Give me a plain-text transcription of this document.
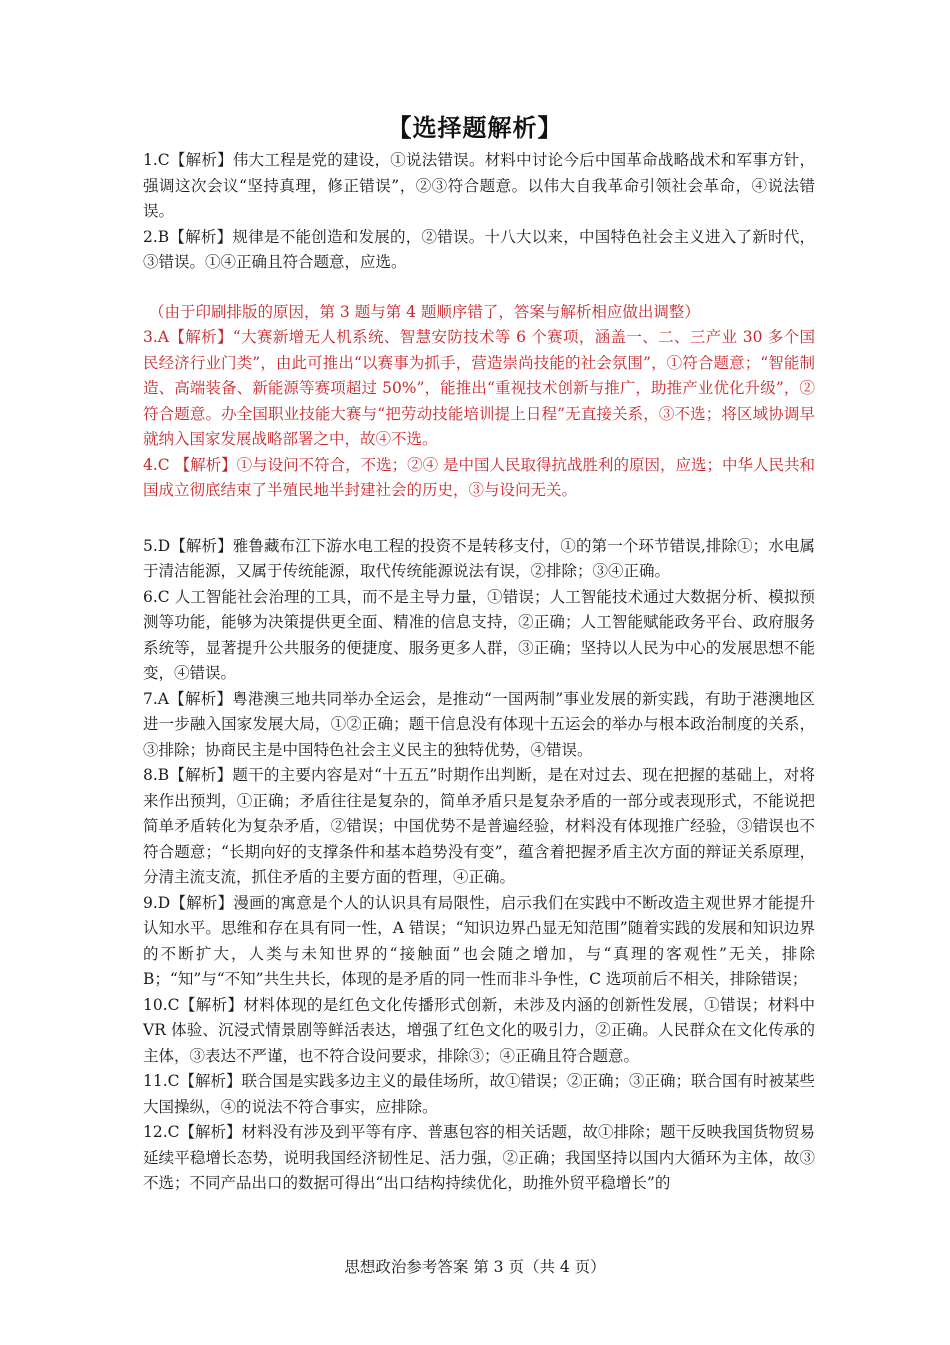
【选择题解析】

1.C【解析】伟大工程是党的建设，①说法错误。材料中讨论今后中国革命战略战术和军事方针，强调这次会议“坚持真理，修正错误”，②③符合题意。以伟大自我革命引领社会革命，④说法错误。

2.B【解析】规律是不能创造和发展的，②错误。十八大以来，中国特色社会主义进入了新时代，③错误。①④正确且符合题意，应选。

（由于印刷排版的原因，第 3 题与第 4 题顺序错了，答案与解析相应做出调整）

3.A【解析】“大赛新增无人机系统、智慧安防技术等 6 个赛项，涵盖一、二、三产业 30 多个国民经济行业门类”，由此可推出“以赛事为抓手，营造崇尚技能的社会氛围”，①符合题意；“智能制造、高端装备、新能源等赛项超过 50%”，能推出“重视技术创新与推广，助推产业优化升级”，②符合题意。办全国职业技能大赛与“把劳动技能培训提上日程”无直接关系，③不选；将区域协调早就纳入国家发展战略部署之中，故④不选。

4.C 【解析】①与设问不符合，不选；②④ 是中国人民取得抗战胜利的原因，应选；中华人民共和国成立彻底结束了半殖民地半封建社会的历史，③与设问无关。

5.D【解析】雅鲁藏布江下游水电工程的投资不是转移支付，①的第一个环节错误,排除①；水电属于清洁能源，又属于传统能源，取代传统能源说法有误，②排除；③④正确。

6.C 人工智能社会治理的工具，而不是主导力量，①错误；人工智能技术通过大数据分析、模拟预测等功能，能够为决策提供更全面、精准的信息支持，②正确；人工智能赋能政务平台、政府服务系统等，显著提升公共服务的便捷度、服务更多人群，③正确；坚持以人民为中心的发展思想不能变，④错误。

7.A【解析】粤港澳三地共同举办全运会，是推动“一国两制”事业发展的新实践，有助于港澳地区进一步融入国家发展大局，①②正确；题干信息没有体现十五运会的举办与根本政治制度的关系，③排除；协商民主是中国特色社会主义民主的独特优势，④错误。

8.B【解析】题干的主要内容是对“十五五”时期作出判断，是在对过去、现在把握的基础上，对将来作出预判，①正确；矛盾往往是复杂的，简单矛盾只是复杂矛盾的一部分或表现形式，不能说把简单矛盾转化为复杂矛盾，②错误；中国优势不是普遍经验，材料没有体现推广经验，③错误也不符合题意；“长期向好的支撑条件和基本趋势没有变”，蕴含着把握矛盾主次方面的辩证关系原理，分清主流支流，抓住矛盾的主要方面的哲理，④正确。

9.D【解析】漫画的寓意是个人的认识具有局限性，启示我们在实践中不断改造主观世界才能提升认知水平。思维和存在具有同一性，A 错误；“知识边界凸显无知范围”随着实践的发展和知识边界的不断扩大，人类与未知世界的“接触面”也会随之增加，与“真理的客观性”无关，排除 B；“知”与“不知”共生共长，体现的是矛盾的同一性而非斗争性，C 选项前后不相关，排除错误；

10.C【解析】材料体现的是红色文化传播形式创新，未涉及内涵的创新性发展，①错误；材料中 VR 体验、沉浸式情景剧等鲜活表达，增强了红色文化的吸引力，②正确。人民群众在文化传承的主体，③表达不严谨，也不符合设问要求，排除③；④正确且符合题意。

11.C【解析】联合国是实践多边主义的最佳场所，故①错误；②正确；③正确；联合国有时被某些大国操纵，④的说法不符合事实，应排除。

12.C【解析】材料没有涉及到平等有序、普惠包容的相关话题，故①排除；题干反映我国货物贸易延续平稳增长态势，说明我国经济韧性足、活力强，②正确；我国坚持以国内大循环为主体，故③不选；不同产品出口的数据可得出“出口结构持续优化，助推外贸平稳增长”的

思想政治参考答案 第 3 页（共 4 页）
